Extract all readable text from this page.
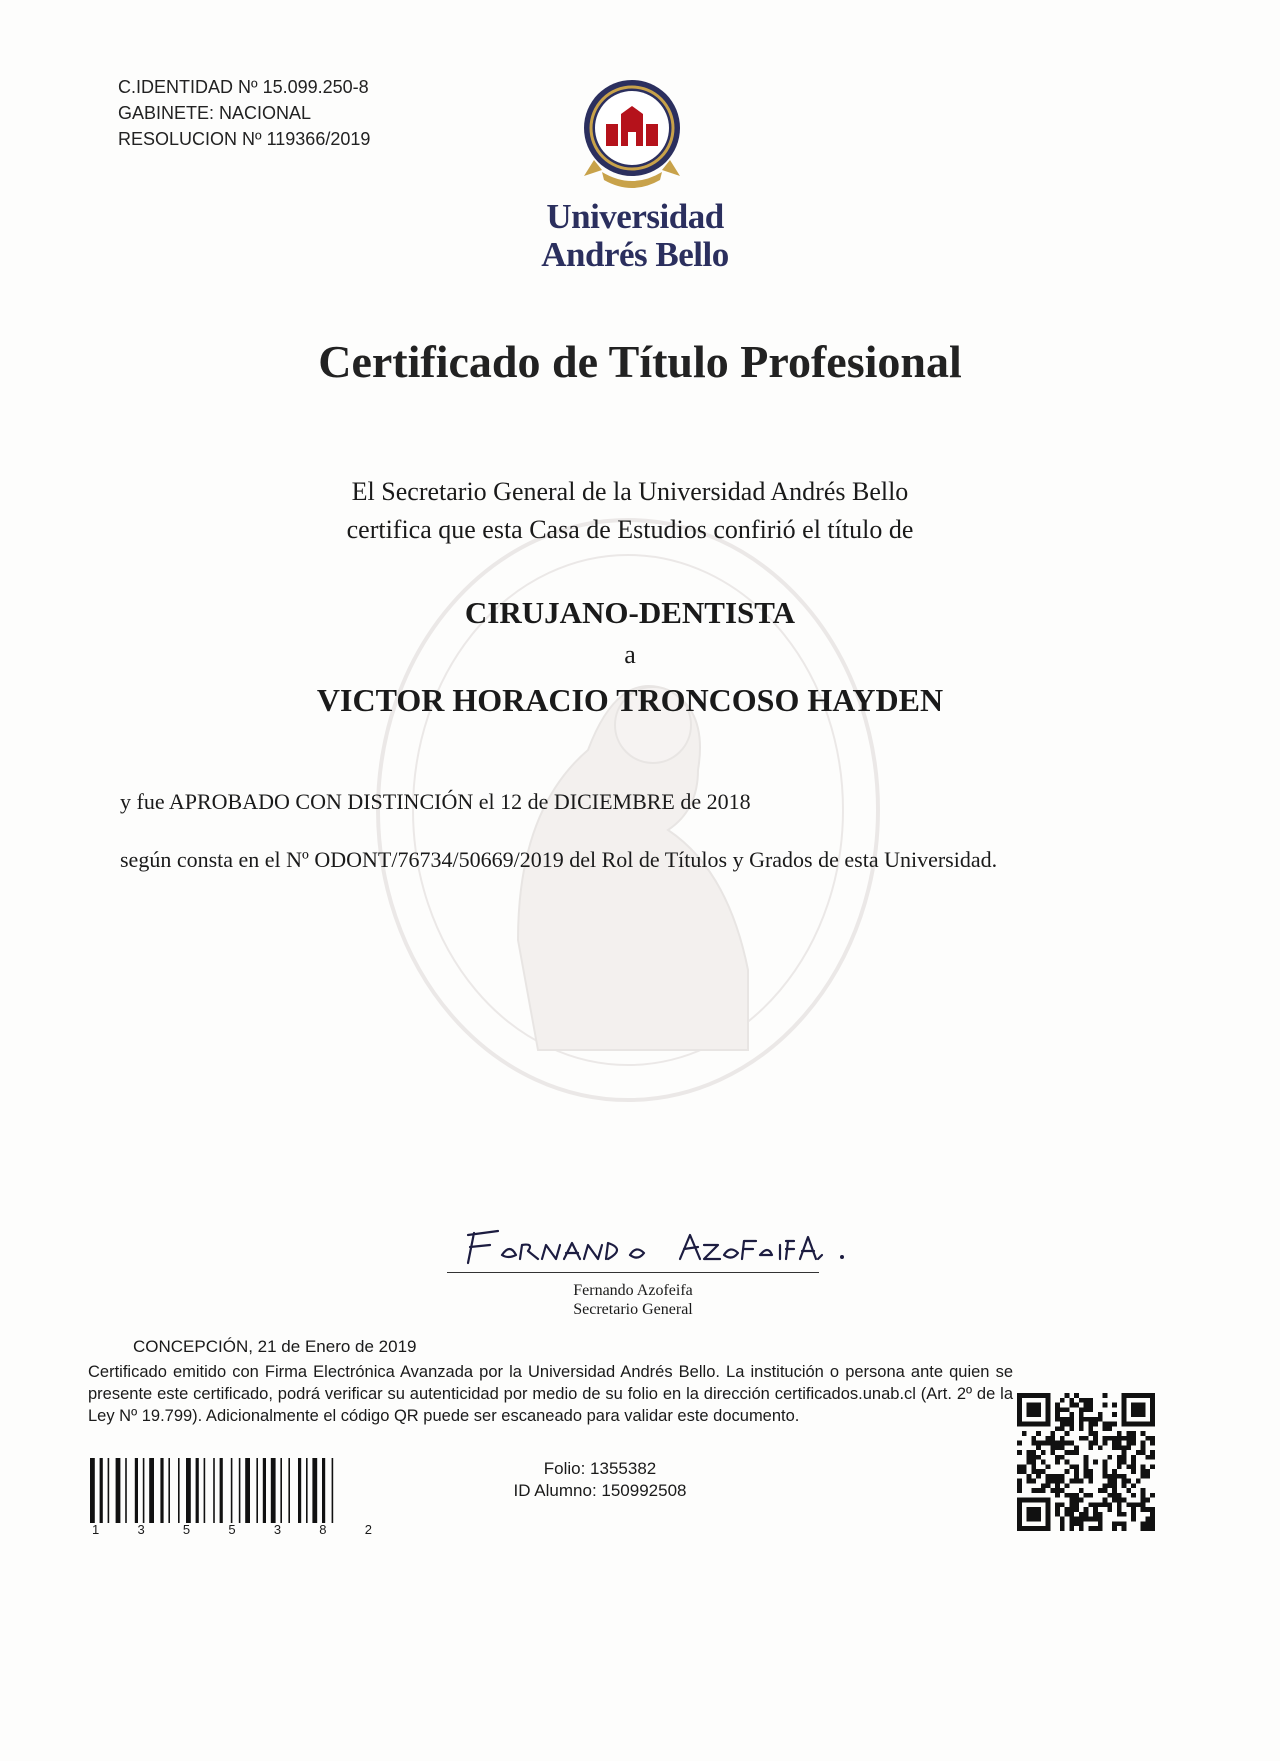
C.IDENTIDAD Nº 15.099.250-8
GABINETE: NACIONAL
RESOLUCION Nº 119366/2019
Universidad
Andrés Bello
Certificado de Título Profesional
El Secretario General de la Universidad Andrés Bello
certifica que esta Casa de Estudios confirió el título de
CIRUJANO-DENTISTA
a
VICTOR HORACIO TRONCOSO HAYDEN
y fue APROBADO CON DISTINCIÓN el 12 de DICIEMBRE de 2018
según consta en el Nº ODONT/76734/50669/2019 del Rol de Títulos y Grados de esta Universidad.
FERNANDO AZOFEIFA.
Fernando Azofeifa
Secretario General
CONCEPCIÓN, 21 de Enero de 2019
Certificado emitido con Firma Electrónica Avanzada por la Universidad Andrés Bello. La institución o persona ante quien se presente este certificado, podrá verificar su autenticidad por medio de su folio en la dirección certificados.unab.cl (Art. 2º de la Ley Nº 19.799). Adicionalmente el código QR puede ser escaneado para validar este documento.
1	3	5	5	3	8	2
Folio: 1355382
ID Alumno: 150992508
